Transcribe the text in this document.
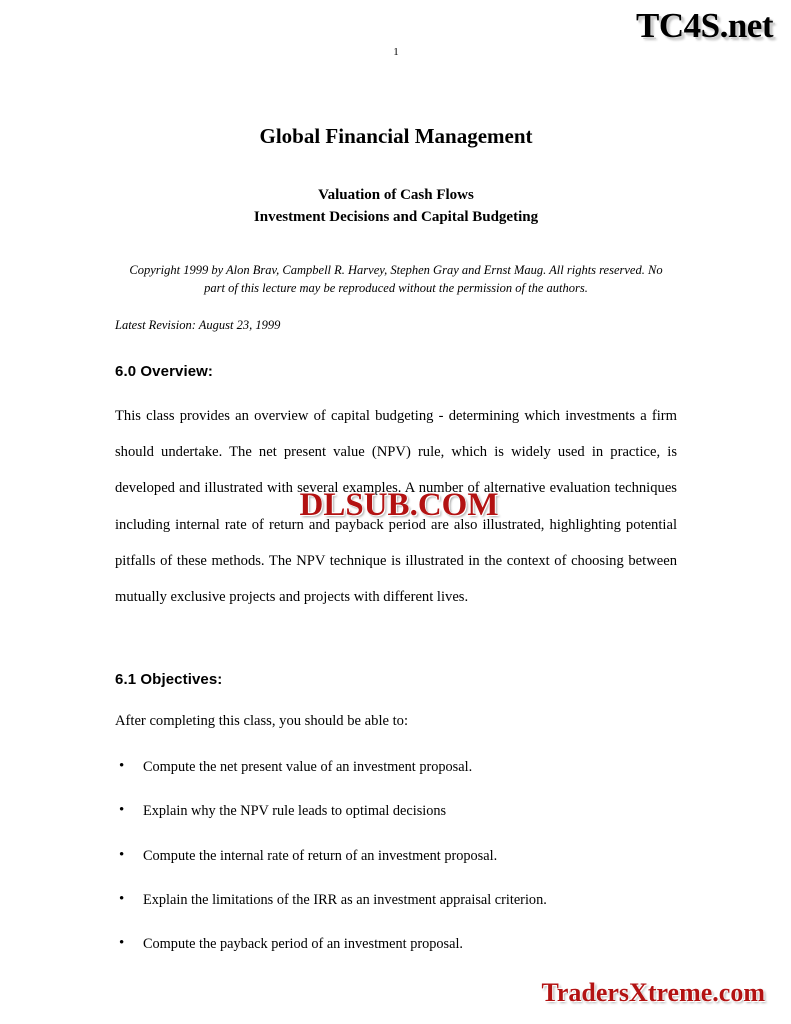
TC4S.net
1
Global Financial Management
Valuation of Cash Flows
Investment Decisions and Capital Budgeting
Copyright 1999 by Alon Brav, Campbell R. Harvey, Stephen Gray and Ernst Maug. All rights reserved. No part of this lecture may be reproduced without the permission of the authors.
Latest Revision: August 23, 1999
6.0 Overview:

This class provides an overview of capital budgeting - determining which investments a firm should undertake. The net present value (NPV) rule, which is widely used in practice, is developed and illustrated with several examples. A number of alternative evaluation techniques including internal rate of return and payback period are also illustrated, highlighting potential pitfalls of these methods. The NPV technique is illustrated in the context of choosing between mutually exclusive projects and projects with different lives.

6.1 Objectives:

After completing this class, you should be able to:

• Compute the net present value of an investment proposal.
• Explain why the NPV rule leads to optimal decisions
• Compute the internal rate of return of an investment proposal.
• Explain the limitations of the IRR as an investment appraisal criterion.
• Compute the payback period of an investment proposal.
DLSUB.COM
TradersXtreme.com
